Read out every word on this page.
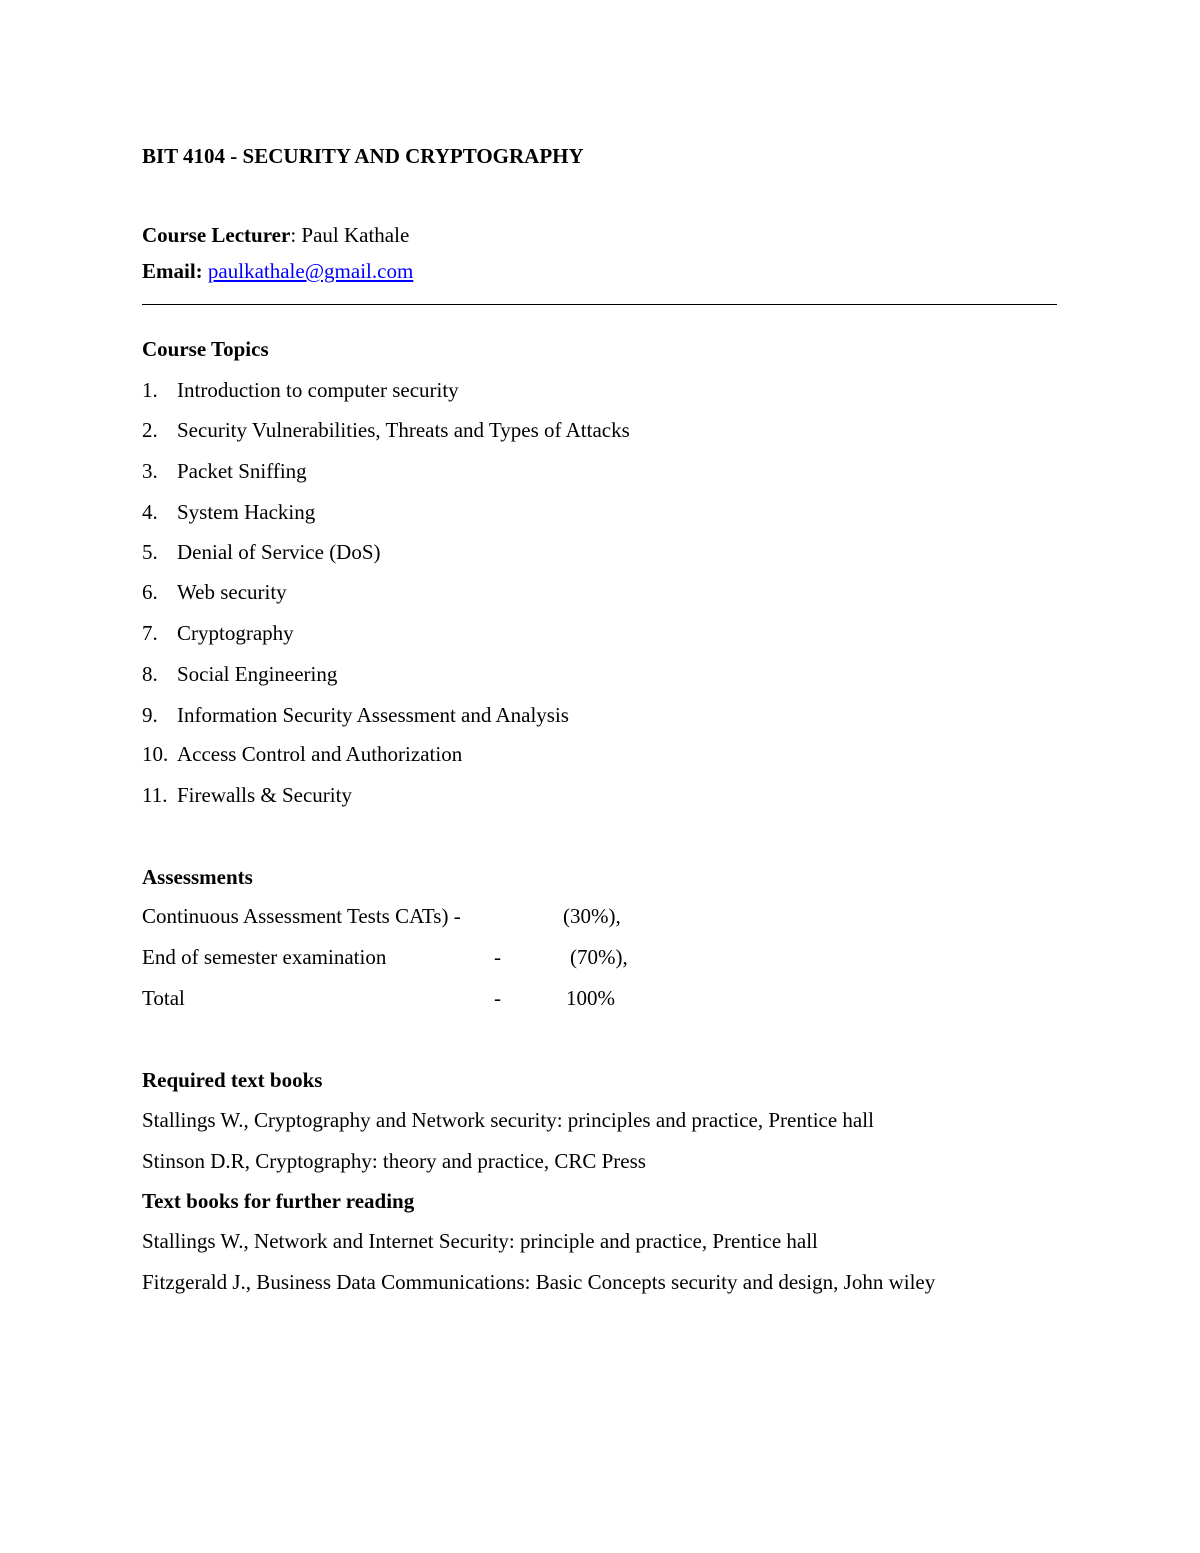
BIT 4104 - SECURITY AND CRYPTOGRAPHY
Course Lecturer: Paul Kathale
Email: paulkathale@gmail.com
Course Topics
1. Introduction to computer security
2. Security Vulnerabilities, Threats and Types of Attacks
3. Packet Sniffing
4. System Hacking
5. Denial of Service (DoS)
6. Web security
7. Cryptography
8. Social Engineering
9. Information Security Assessment and Analysis
10. Access Control and Authorization
11. Firewalls & Security
Assessments
Continuous Assessment Tests CATs) -	(30%),
End of semester examination	-	(70%),
Total	-	100%
Required text books
Stallings W., Cryptography and Network security: principles and practice, Prentice hall
Stinson D.R, Cryptography: theory and practice, CRC Press
Text books for further reading
Stallings W., Network and Internet Security: principle and practice, Prentice hall
Fitzgerald J., Business Data Communications: Basic Concepts security and design, John wiley
